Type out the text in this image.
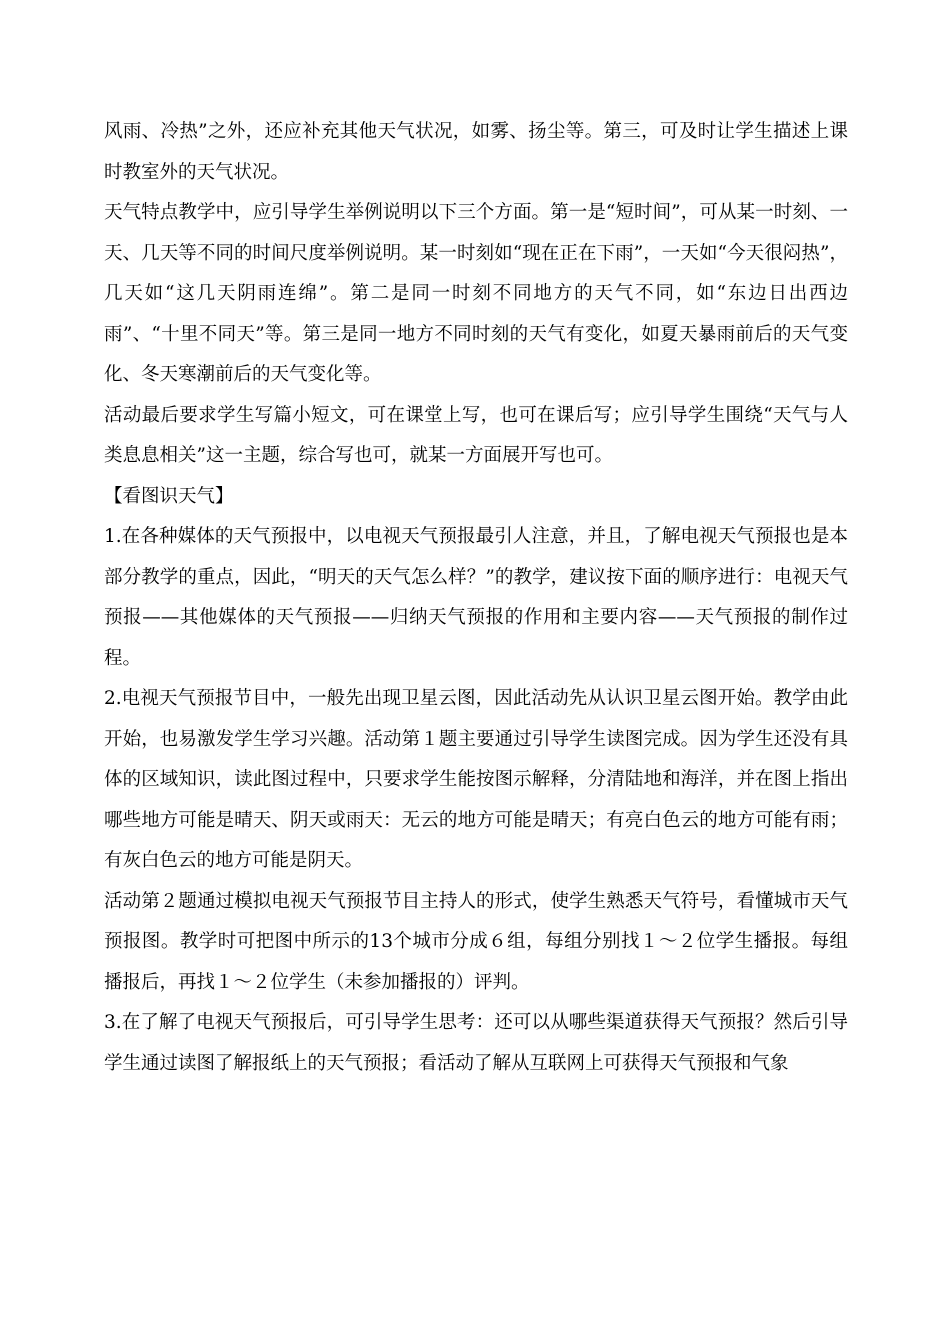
风雨、冷热”之外，还应补充其他天气状况，如雾、扬尘等。第三，可及时让学生描述上课时教室外的天气状况。

天气特点教学中，应引导学生举例说明以下三个方面。第一是“短时间”，可从某一时刻、一天、几天等不同的时间尺度举例说明。某一时刻如“现在正在下雨”，一天如“今天很闷热”，几天如“这几天阴雨连绵”。第二是同一时刻不同地方的天气不同，如“东边日出西边雨”、“十里不同天”等。第三是同一地方不同时刻的天气有变化，如夏天暴雨前后的天气变化、冬天寒潮前后的天气变化等。

活动最后要求学生写篇小短文，可在课堂上写，也可在课后写；应引导学生围绕“天气与人类息息相关”这一主题，综合写也可，就某一方面展开写也可。

【看图识天气】

1.在各种媒体的天气预报中，以电视天气预报最引人注意，并且，了解电视天气预报也是本部分教学的重点，因此，“明天的天气怎么样？”的教学，建议按下面的顺序进行：电视天气预报——其他媒体的天气预报——归纳天气预报的作用和主要内容——天气预报的制作过程。

2.电视天气预报节目中，一般先出现卫星云图，因此活动先从认识卫星云图开始。教学由此开始，也易激发学生学习兴趣。活动第１题主要通过引导学生读图完成。因为学生还没有具体的区域知识，读此图过程中，只要求学生能按图示解释，分清陆地和海洋，并在图上指出哪些地方可能是晴天、阴天或雨天：无云的地方可能是晴天；有亮白色云的地方可能有雨；有灰白色云的地方可能是阴天。

活动第２题通过模拟电视天气预报节目主持人的形式，使学生熟悉天气符号，看懂城市天气预报图。教学时可把图中所示的13个城市分成６组，每组分别找１～２位学生播报。每组播报后，再找１～２位学生（未参加播报的）评判。

3.在了解了电视天气预报后，可引导学生思考：还可以从哪些渠道获得天气预报？然后引导学生通过读图了解报纸上的天气预报；看活动了解从互联网上可获得天气预报和气象
